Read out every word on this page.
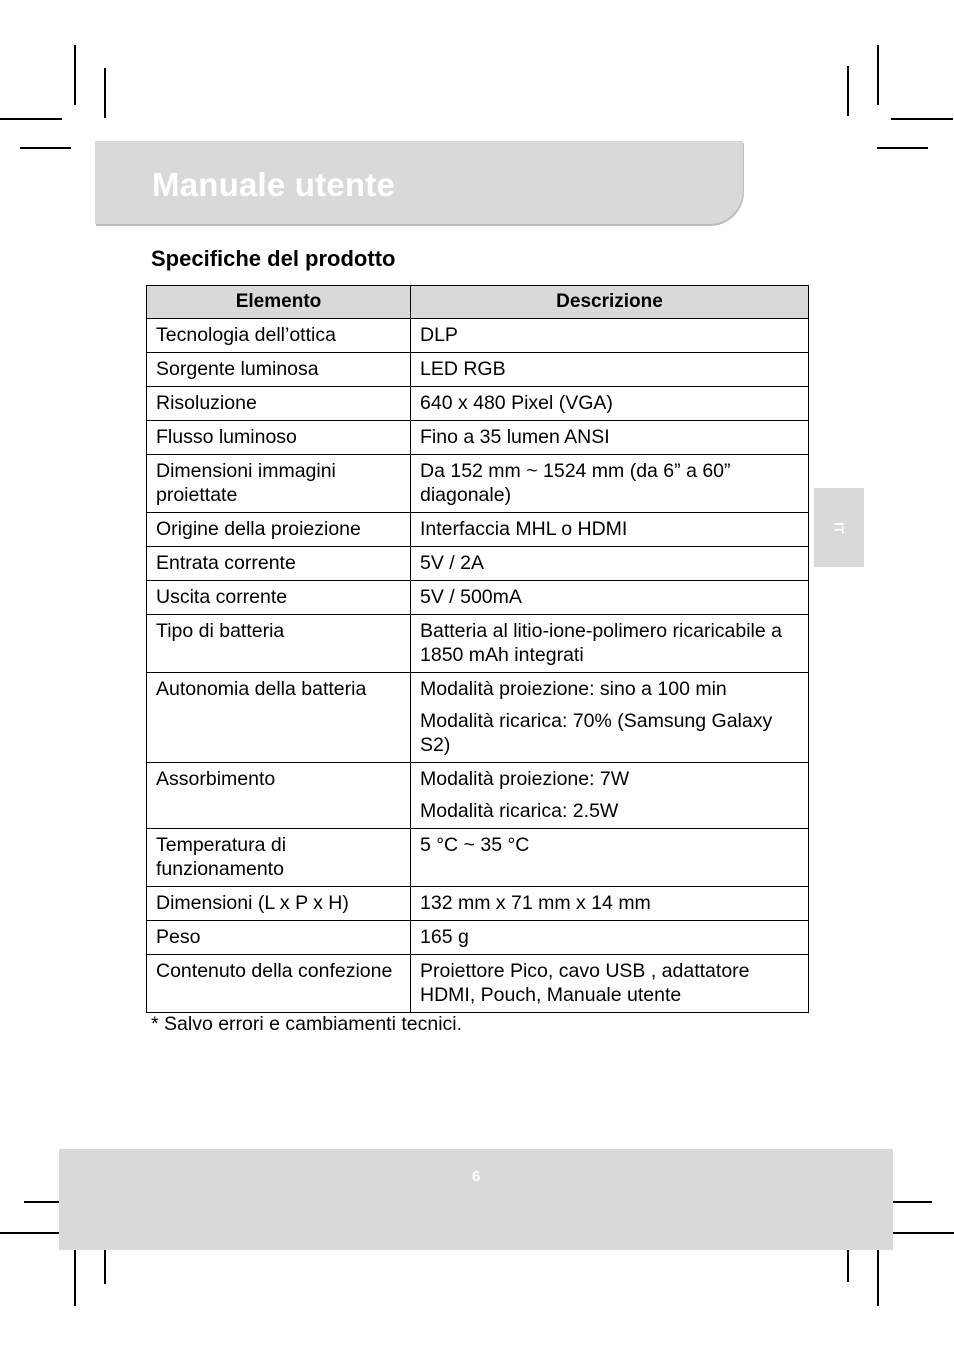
Manuale utente
Specifiche del prodotto
Elemento	Descrizione
Tecnologia dell’ottica	DLP

Sorgente luminosa	LED RGB

Risoluzione	640 x 480 Pixel (VGA)

Flusso luminoso	Fino a 35 lumen ANSI

Dimensioni immagini proiettate	Da 152 mm ~ 1524 mm (da 6” a 60” diagonale)

Origine della proiezione	Interfaccia MHL o HDMI

Entrata corrente	5V / 2A

Uscita corrente	5V / 500mA

Tipo di batteria	Batteria al litio-ione-polimero ricaricabile a 1850 mAh integrati

Autonomia della batteria	Modalità proiezione: sino a 100 min

Modalità ricarica: 70% (Samsung Galaxy S2)

Assorbimento	Modalità proiezione: 7W

Modalità ricarica: 2.5W

Temperatura di funzionamento	5 °C ~ 35 °C

Dimensioni (L x P x H)	132 mm x 71 mm x 14 mm

Peso	165 g

Contenuto della confezione	Proiettore Pico, cavo USB , adattatore HDMI, Pouch, Manuale utente

* Salvo errori e cambiamenti tecnici.
IT
6
